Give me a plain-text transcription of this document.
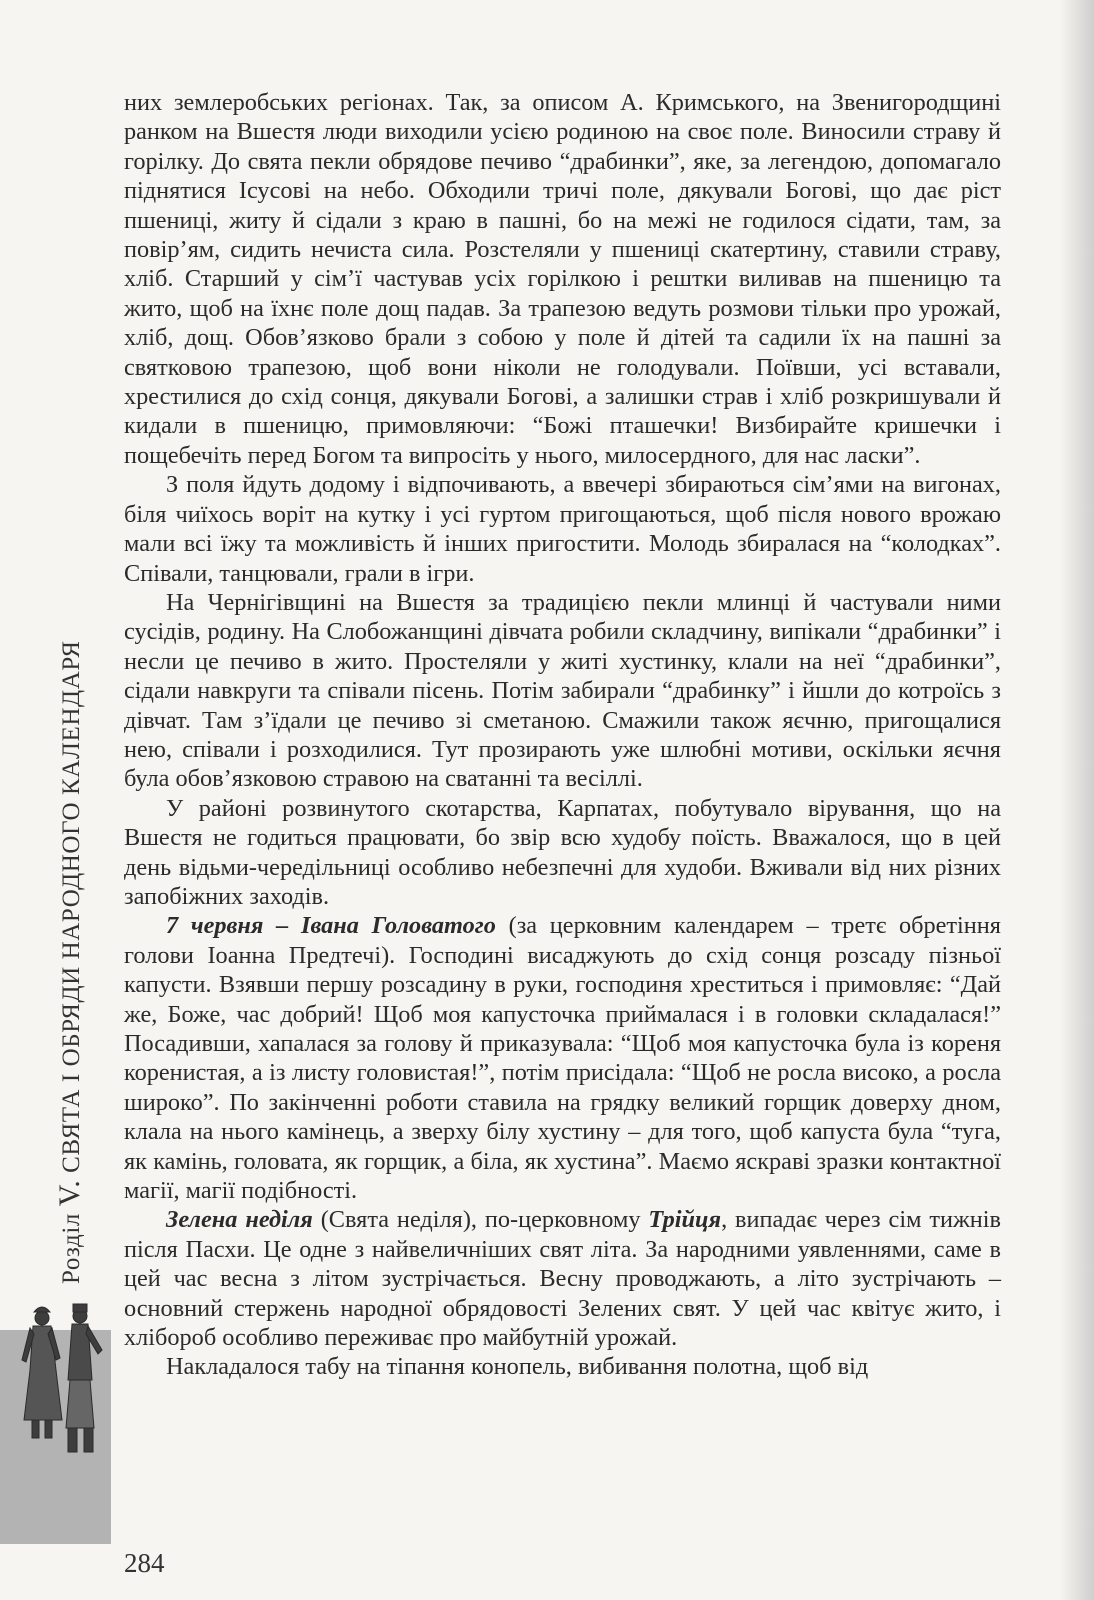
Розділ V. СВЯТА І ОБРЯДИ НАРОДНОГО КАЛЕНДАРЯ

них землеробських регіонах. Так, за описом А. Кримського, на Звенигородщині ранком на Вшестя люди виходили усією родиною на своє поле. Виносили страву й горілку. До свята пекли обрядове печиво “драбинки”, яке, за легендою, допомагало піднятися Ісусові на небо. Обходили тричі поле, дякували Богові, що дає ріст пшениці, житу й сідали з краю в пашні, бо на межі не годилося сідати, там, за повір’ям, сидить нечиста сила. Розстеляли у пшениці скатертину, ставили страву, хліб. Старший у сім’ї частував усіх горілкою і рештки виливав на пшеницю та жито, щоб на їхнє поле дощ падав. За трапезою ведуть розмови тільки про урожай, хліб, дощ. Обов’язково брали з собою у поле й дітей та садили їх на пашні за святковою трапезою, щоб вони ніколи не голодували. Поївши, усі вставали, хрестилися до схід сонця, дякували Богові, а залишки страв і хліб розкришували й кидали в пшеницю, примовляючи: “Божі пташечки! Визбирайте кришечки і пощебечіть перед Богом та випросіть у нього, милосердного, для нас ласки”.

З поля йдуть додому і відпочивають, а ввечері збираються сім’ями на вигонах, біля чиїхось воріт на кутку і усі гуртом пригощаються, щоб після нового врожаю мали всі їжу та можливість й інших пригостити. Молодь збиралася на “колодках”. Співали, танцювали, грали в ігри.

На Чернігівщині на Вшестя за традицією пекли млинці й частували ними сусідів, родину. На Слобожанщині дівчата робили складчину, випікали “драбинки” і несли це печиво в жито. Простеляли у житі хустинку, клали на неї “драбинки”, сідали навкруги та співали пісень. Потім забирали “драбинку” і йшли до котроїсь з дівчат. Там з’їдали це печиво зі сметаною. Смажили також яєчню, пригощалися нею, співали і розходилися. Тут прозирають уже шлюбні мотиви, оскільки яєчня була обов’язковою стравою на сватанні та весіллі.

У районі розвинутого скотарства, Карпатах, побутувало вірування, що на Вшестя не годиться працювати, бо звір всю худобу поїсть. Вважалося, що в цей день відьми-чередільниці особливо небезпечні для худоби. Вживали від них різних запобіжних заходів.

7 червня – Івана Головатого (за церковним календарем – третє обретіння голови Іоанна Предтечі). Господині висаджують до схід сонця розсаду пізньої капусти. Взявши першу розсадину в руки, господиня хреститься і примовляє: “Дай же, Боже, час добрий! Щоб моя капусточка приймалася і в головки складалася!” Посадивши, хапалася за голову й приказувала: “Щоб моя капусточка була із кореня коренистая, а із листу головистая!”, потім присідала: “Щоб не росла високо, а росла широко”. По закінченні роботи ставила на грядку великий горщик доверху дном, клала на нього камінець, а зверху білу хустину – для того, щоб капуста була “туга, як камінь, головата, як горщик, а біла, як хустина”. Маємо яскраві зразки контактної магії, магії подібності.

Зелена неділя (Свята неділя), по-церковному Трійця, випадає через сім тижнів після Пасхи. Це одне з найвеличніших свят літа. За народними уявленнями, саме в цей час весна з літом зустрічається. Весну проводжають, а літо зустрічають – основний стержень народної обрядовості Зелених свят. У цей час квітує жито, і хлібороб особливо переживає про майбутній урожай.

Накладалося табу на тіпання конопель, вибивання полотна, щоб від

284
